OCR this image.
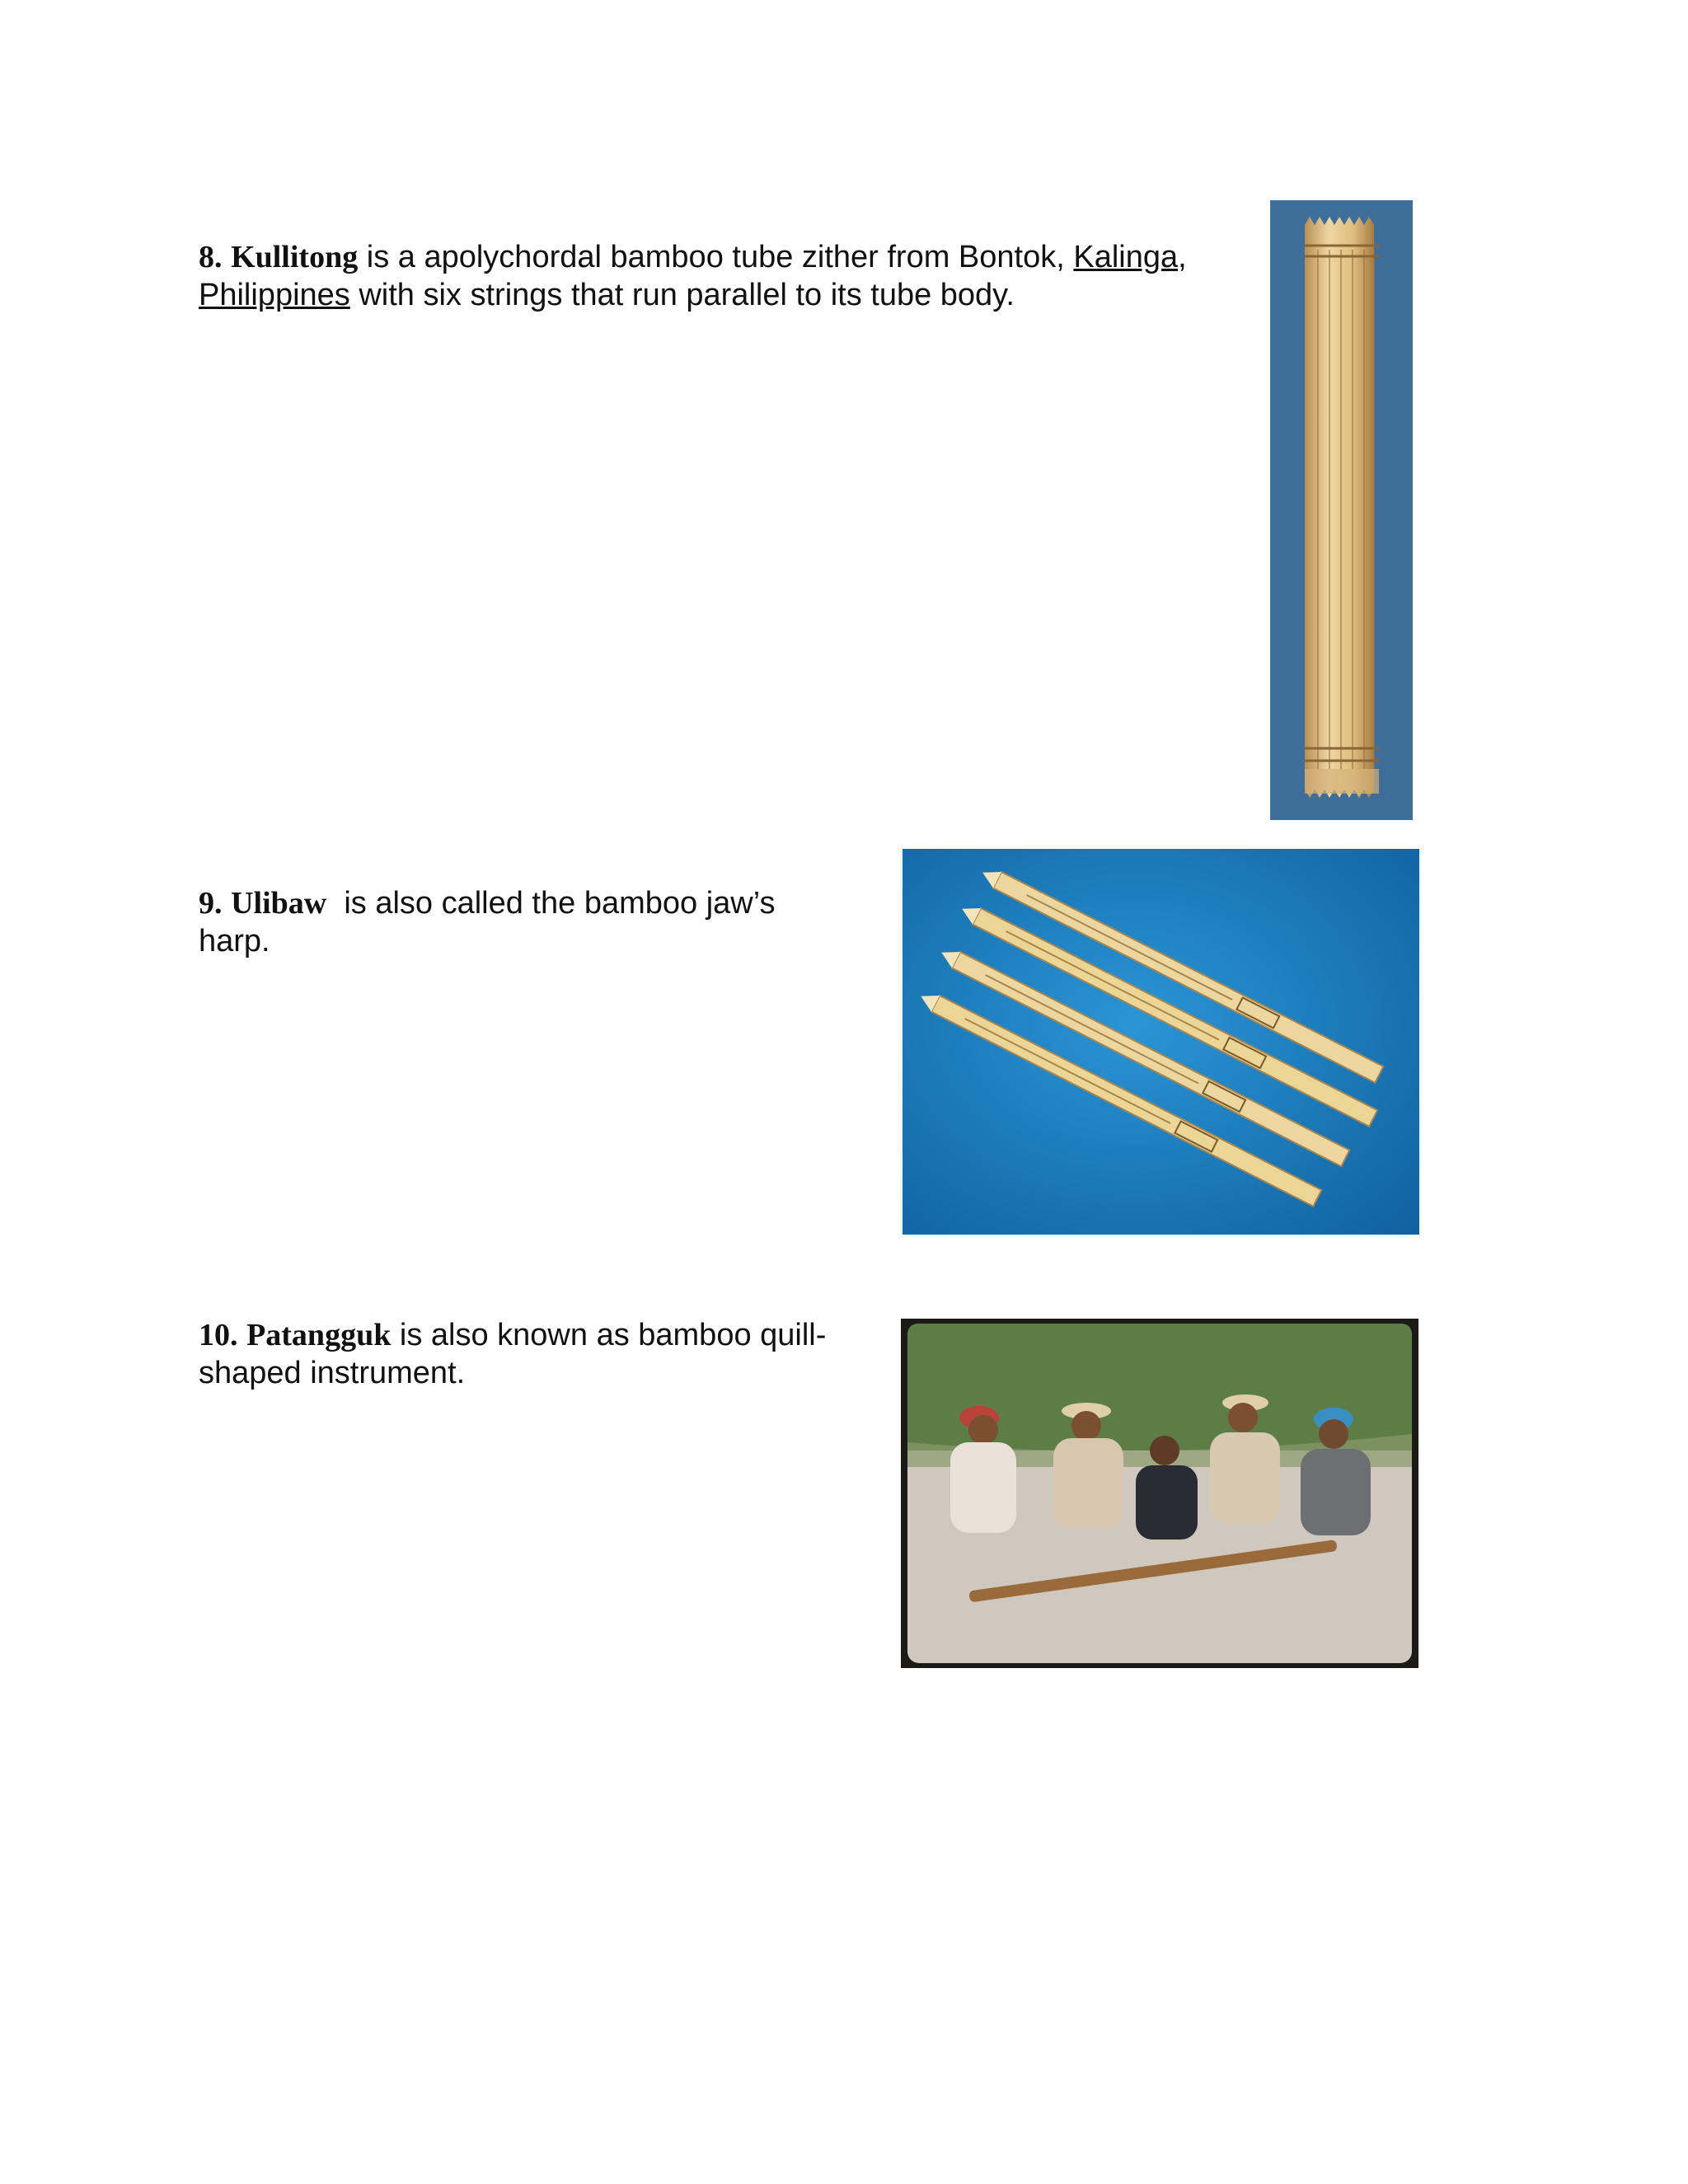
8. Kullitong is a apolychordal bamboo tube zither from Bontok, Kalinga,
Philippines with six strings that run parallel to its tube body.
9. Ulibaw  is also called the bamboo jaw’s
harp.
10. Patangguk is also known as bamboo quill-
shaped instrument.
